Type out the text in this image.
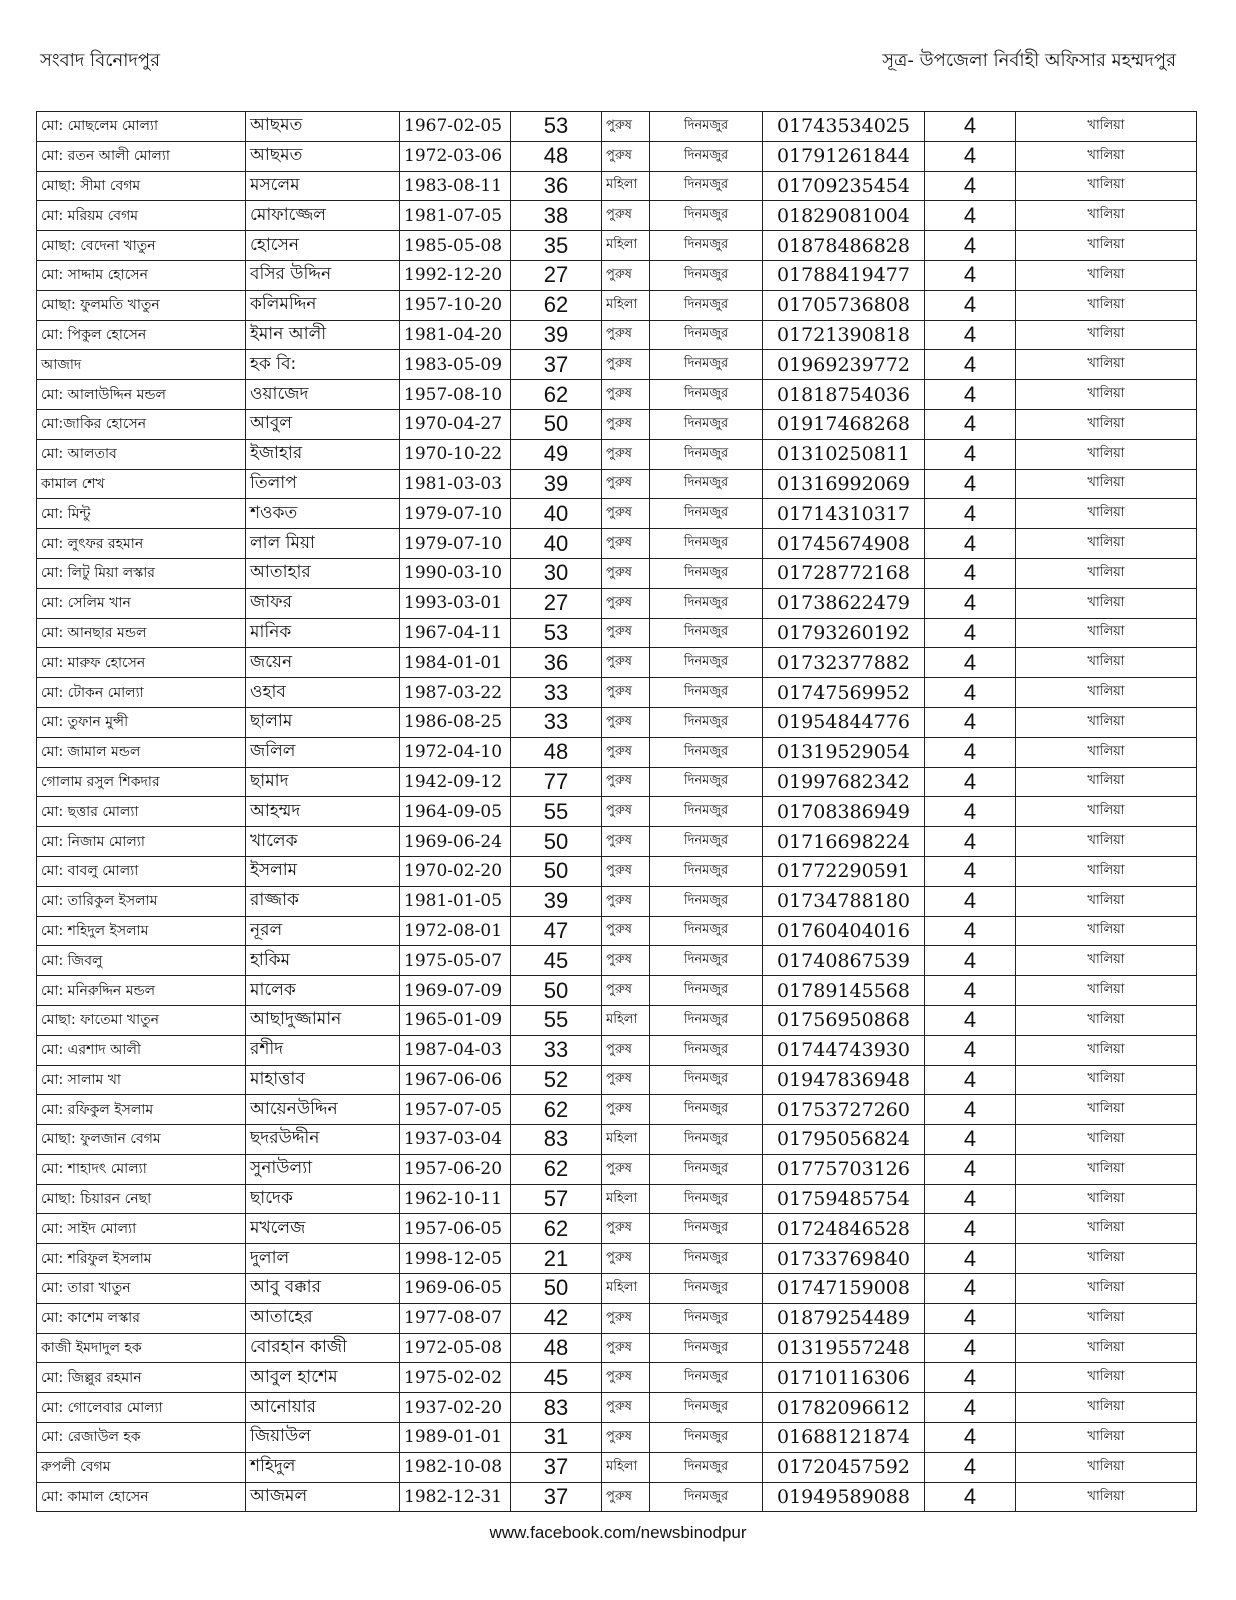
সংবাদ বিনোদপুর	সূত্র- উপজেলা নির্বাহী অফিসার মহম্মদপুর
মো: মোছলেম মোল্যা	আছমত	1967-02-05	53	পুরুষ	দিনমজুর	01743534025	4	খালিয়া
মো: রতন আলী মোল্যা	আছমত	1972-03-06	48	পুরুষ	দিনমজুর	01791261844	4	খালিয়া
মোছা: সীমা বেগম	মসলেম	1983-08-11	36	মহিলা	দিনমজুর	01709235454	4	খালিয়া
মো: মরিয়ম বেগম	মোফাজ্জেল	1981-07-05	38	পুরুষ	দিনমজুর	01829081004	4	খালিয়া
মোছা: বেদেনা খাতুন	হোসেন	1985-05-08	35	মহিলা	দিনমজুর	01878486828	4	খালিয়া
মো: সাদ্দাম হোসেন	বসির উদ্দিন	1992-12-20	27	পুরুষ	দিনমজুর	01788419477	4	খালিয়া
মোছা: ফুলমতি খাতুন	কলিমদ্দিন	1957-10-20	62	মহিলা	দিনমজুর	01705736808	4	খালিয়া
মো: পিকুল হোসেন	ইমান আলী	1981-04-20	39	পুরুষ	দিনমজুর	01721390818	4	খালিয়া
আজাদ	হক বি:	1983-05-09	37	পুরুষ	দিনমজুর	01969239772	4	খালিয়া
মো: আলাউদ্দিন মন্ডল	ওয়াজেদ	1957-08-10	62	পুরুষ	দিনমজুর	01818754036	4	খালিয়া
মো:জাকির হোসেন	আবুল	1970-04-27	50	পুরুষ	দিনমজুর	01917468268	4	খালিয়া
মো: আলতাব	ইজাহার	1970-10-22	49	পুরুষ	দিনমজুর	01310250811	4	খালিয়া
কামাল শেখ	তিলাপ	1981-03-03	39	পুরুষ	দিনমজুর	01316992069	4	খালিয়া
মো: মিন্টু	শওকত	1979-07-10	40	পুরুষ	দিনমজুর	01714310317	4	খালিয়া
মো: লুৎফর রহমান	লাল মিয়া	1979-07-10	40	পুরুষ	দিনমজুর	01745674908	4	খালিয়া
মো: লিটু মিয়া লস্কার	আতাহার	1990-03-10	30	পুরুষ	দিনমজুর	01728772168	4	খালিয়া
মো: সেলিম খান	জাফর	1993-03-01	27	পুরুষ	দিনমজুর	01738622479	4	খালিয়া
মো: আনছার মন্ডল	মানিক	1967-04-11	53	পুরুষ	দিনমজুর	01793260192	4	খালিয়া
মো: মারুফ হোসেন	জয়েন	1984-01-01	36	পুরুষ	দিনমজুর	01732377882	4	খালিয়া
মো: টোকন মোল্যা	ওহাব	1987-03-22	33	পুরুষ	দিনমজুর	01747569952	4	খালিয়া
মো: তুফান মুন্সী	ছালাম	1986-08-25	33	পুরুষ	দিনমজুর	01954844776	4	খালিয়া
মো: জামাল মন্ডল	জলিল	1972-04-10	48	পুরুষ	দিনমজুর	01319529054	4	খালিয়া
গোলাম রসুল শিকদার	ছামাদ	1942-09-12	77	পুরুষ	দিনমজুর	01997682342	4	খালিয়া
মো: ছত্তার মোল্যা	আহম্মদ	1964-09-05	55	পুরুষ	দিনমজুর	01708386949	4	খালিয়া
মো: নিজাম মোল্যা	খালেক	1969-06-24	50	পুরুষ	দিনমজুর	01716698224	4	খালিয়া
মো: বাবলু মোল্যা	ইসলাম	1970-02-20	50	পুরুষ	দিনমজুর	01772290591	4	খালিয়া
মো: তারিকুল ইসলাম	রাজ্জাক	1981-01-05	39	পুরুষ	দিনমজুর	01734788180	4	খালিয়া
মো: শহিদুল ইসলাম	নূরল	1972-08-01	47	পুরুষ	দিনমজুর	01760404016	4	খালিয়া
মো: জিবলু	হাকিম	1975-05-07	45	পুরুষ	দিনমজুর	01740867539	4	খালিয়া
মো: মনিরুদ্দিন মন্ডল	মালেক	1969-07-09	50	পুরুষ	দিনমজুর	01789145568	4	খালিয়া
মোছা: ফাতেমা খাতুন	আছাদুজ্জামান	1965-01-09	55	মহিলা	দিনমজুর	01756950868	4	খালিয়া
মো: এরশাদ আলী	রশীদ	1987-04-03	33	পুরুষ	দিনমজুর	01744743930	4	খালিয়া
মো: সালাম খা	মাহাত্তাব	1967-06-06	52	পুরুষ	দিনমজুর	01947836948	4	খালিয়া
মো: রফিকুল ইসলাম	আয়েনউদ্দিন	1957-07-05	62	পুরুষ	দিনমজুর	01753727260	4	খালিয়া
মোছা: ফুলজান বেগম	ছদরউদ্দীন	1937-03-04	83	মহিলা	দিনমজুর	01795056824	4	খালিয়া
মো: শাহাদৎ মোল্যা	সুনাউল্যা	1957-06-20	62	পুরুষ	দিনমজুর	01775703126	4	খালিয়া
মোছা: চিয়ারন নেছা	ছাদেক	1962-10-11	57	মহিলা	দিনমজুর	01759485754	4	খালিয়া
মো: সাইদ মোল্যা	মখলেজ	1957-06-05	62	পুরুষ	দিনমজুর	01724846528	4	খালিয়া
মো: শরিফুল ইসলাম	দুলাল	1998-12-05	21	পুরুষ	দিনমজুর	01733769840	4	খালিয়া
মো: তারা খাতুন	আবু বক্কার	1969-06-05	50	মহিলা	দিনমজুর	01747159008	4	খালিয়া
মো: কাশেম লস্কার	আতাহের	1977-08-07	42	পুরুষ	দিনমজুর	01879254489	4	খালিয়া
কাজী ইমদাদুল হক	বোরহান কাজী	1972-05-08	48	পুরুষ	দিনমজুর	01319557248	4	খালিয়া
মো: জিল্লুর রহমান	আবুল হাশেম	1975-02-02	45	পুরুষ	দিনমজুর	01710116306	4	খালিয়া
মো: গোলেবার মোল্যা	আনোয়ার	1937-02-20	83	পুরুষ	দিনমজুর	01782096612	4	খালিয়া
মো: রেজাউল হক	জিয়াউল	1989-01-01	31	পুরুষ	দিনমজুর	01688121874	4	খালিয়া
রুপলী বেগম	শহিদুল	1982-10-08	37	মহিলা	দিনমজুর	01720457592	4	খালিয়া
মো: কামাল হোসেন	আজমল	1982-12-31	37	পুরুষ	দিনমজুর	01949589088	4	খালিয়া
www.facebook.com/newsbinodpur
